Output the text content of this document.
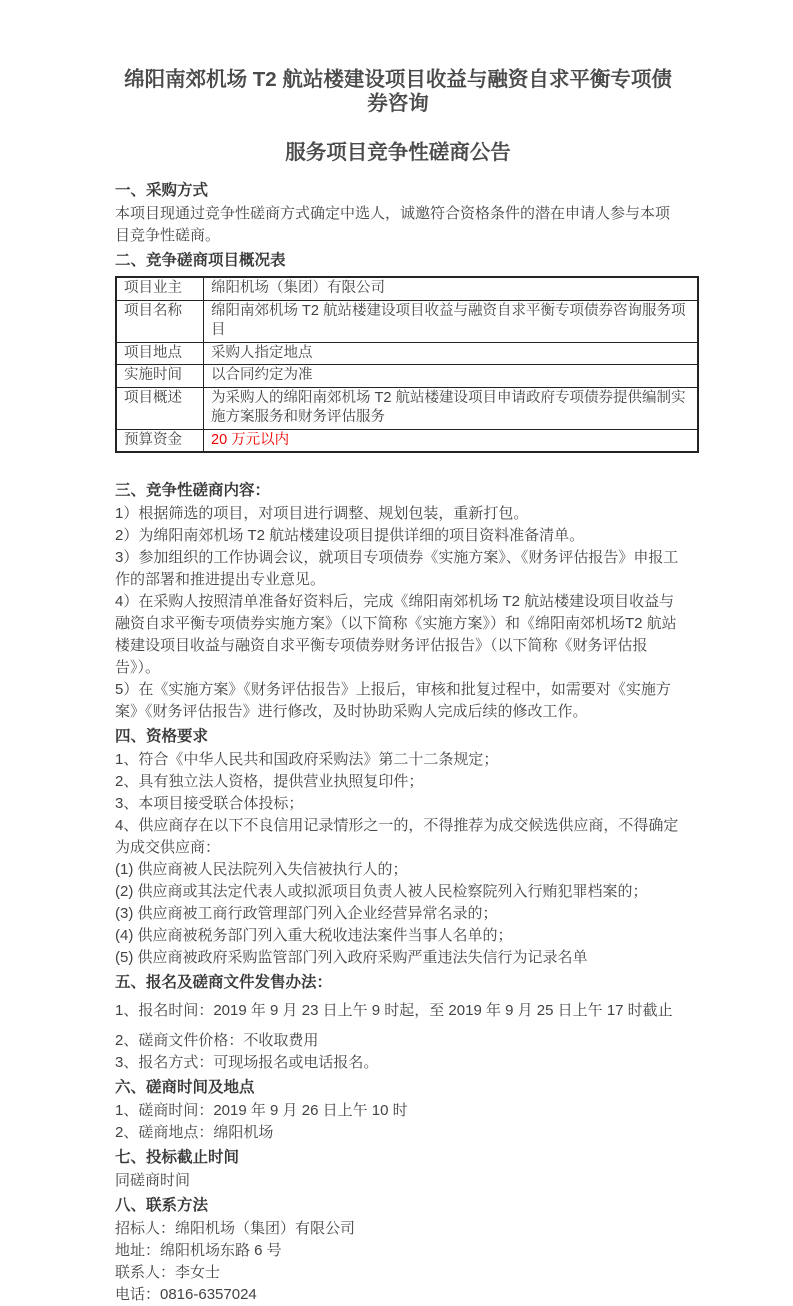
绵阳南郊机场 T2 航站楼建设项目收益与融资自求平衡专项债券咨询
服务项目竞争性磋商公告
一、采购方式

本项目现通过竞争性磋商方式确定中选人，诚邀符合资格条件的潜在申请人参与本项目竞争性磋商。

二、竞争磋商项目概况表
项目业主	绵阳机场（集团）有限公司
项目名称	绵阳南郊机场 T2 航站楼建设项目收益与融资自求平衡专项债券咨询服务项目
项目地点	采购人指定地点
实施时间	以合同约定为准
项目概述	为采购人的绵阳南郊机场 T2 航站楼建设项目申请政府专项债券提供编制实施方案服务和财务评估服务
预算资金	20 万元以内
三、竞争性磋商内容：
1）根据筛选的项目，对项目进行调整、规划包装，重新打包。
2）为绵阳南郊机场 T2 航站楼建设项目提供详细的项目资料准备清单。
3）参加组织的工作协调会议，就项目专项债券《实施方案》、《财务评估报告》申报工作的部署和推进提出专业意见。
4）在采购人按照清单准备好资料后，完成《绵阳南郊机场 T2 航站楼建设项目收益与融资自求平衡专项债券实施方案》（以下简称《实施方案》）和《绵阳南郊机场T2 航站楼建设项目收益与融资自求平衡专项债券财务评估报告》（以下简称《财务评估报告》）。
5）在《实施方案》《财务评估报告》上报后，审核和批复过程中，如需要对《实施方案》《财务评估报告》进行修改，及时协助采购人完成后续的修改工作。
四、资格要求
1、符合《中华人民共和国政府采购法》第二十二条规定；
2、具有独立法人资格，提供营业执照复印件；
3、本项目接受联合体投标；
4、供应商存在以下不良信用记录情形之一的，不得推荐为成交候选供应商，不得确定为成交供应商：
(1) 供应商被人民法院列入失信被执行人的；
(2) 供应商或其法定代表人或拟派项目负责人被人民检察院列入行贿犯罪档案的；
(3) 供应商被工商行政管理部门列入企业经营异常名录的；
(4) 供应商被税务部门列入重大税收违法案件当事人名单的；
(5) 供应商被政府采购监管部门列入政府采购严重违法失信行为记录名单
五、报名及磋商文件发售办法：
1、报名时间：2019 年 9 月 23 日上午 9 时起，至 2019 年 9 月 25 日上午 17 时截止
2、磋商文件价格：不收取费用
3、报名方式：可现场报名或电话报名。
六、磋商时间及地点
1、磋商时间：2019 年 9 月 26 日上午 10 时
2、磋商地点：绵阳机场
七、投标截止时间
同磋商时间
八、联系方法
招标人：绵阳机场（集团）有限公司
地址：绵阳机场东路 6 号
联系人：李女士
电话：0816-6357024
